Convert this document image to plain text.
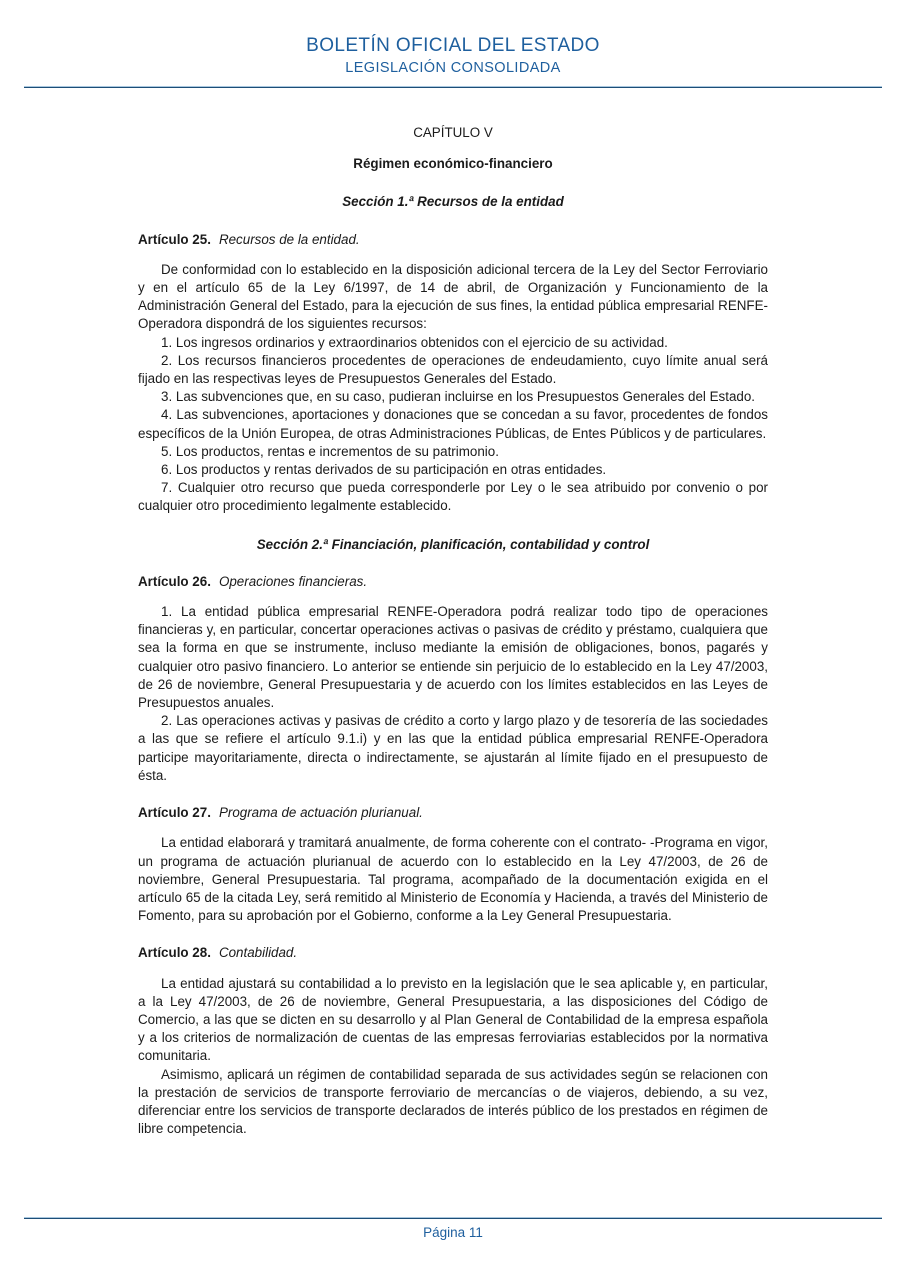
BOLETÍN OFICIAL DEL ESTADO
LEGISLACIÓN CONSOLIDADA

CAPÍTULO V

Régimen económico-financiero

Sección 1.ª Recursos de la entidad

Artículo 25. Recursos de la entidad.

De conformidad con lo establecido en la disposición adicional tercera de la Ley del Sector Ferroviario y en el artículo 65 de la Ley 6/1997, de 14 de abril, de Organización y Funcionamiento de la Administración General del Estado, para la ejecución de sus fines, la entidad pública empresarial RENFE-Operadora dispondrá de los siguientes recursos:

1. Los ingresos ordinarios y extraordinarios obtenidos con el ejercicio de su actividad.

2. Los recursos financieros procedentes de operaciones de endeudamiento, cuyo límite anual será fijado en las respectivas leyes de Presupuestos Generales del Estado.

3. Las subvenciones que, en su caso, pudieran incluirse en los Presupuestos Generales del Estado.

4. Las subvenciones, aportaciones y donaciones que se concedan a su favor, procedentes de fondos específicos de la Unión Europea, de otras Administraciones Públicas, de Entes Públicos y de particulares.

5. Los productos, rentas e incrementos de su patrimonio.

6. Los productos y rentas derivados de su participación en otras entidades.

7. Cualquier otro recurso que pueda corresponderle por Ley o le sea atribuido por convenio o por cualquier otro procedimiento legalmente establecido.

Sección 2.ª Financiación, planificación, contabilidad y control

Artículo 26. Operaciones financieras.

1. La entidad pública empresarial RENFE-Operadora podrá realizar todo tipo de operaciones financieras y, en particular, concertar operaciones activas o pasivas de crédito y préstamo, cualquiera que sea la forma en que se instrumente, incluso mediante la emisión de obligaciones, bonos, pagarés y cualquier otro pasivo financiero. Lo anterior se entiende sin perjuicio de lo establecido en la Ley 47/2003, de 26 de noviembre, General Presupuestaria y de acuerdo con los límites establecidos en las Leyes de Presupuestos anuales.

2. Las operaciones activas y pasivas de crédito a corto y largo plazo y de tesorería de las sociedades a las que se refiere el artículo 9.1.i) y en las que la entidad pública empresarial RENFE-Operadora participe mayoritariamente, directa o indirectamente, se ajustarán al límite fijado en el presupuesto de ésta.

Artículo 27. Programa de actuación plurianual.

La entidad elaborará y tramitará anualmente, de forma coherente con el contrato- -Programa en vigor, un programa de actuación plurianual de acuerdo con lo establecido en la Ley 47/2003, de 26 de noviembre, General Presupuestaria. Tal programa, acompañado de la documentación exigida en el artículo 65 de la citada Ley, será remitido al Ministerio de Economía y Hacienda, a través del Ministerio de Fomento, para su aprobación por el Gobierno, conforme a la Ley General Presupuestaria.

Artículo 28. Contabilidad.

La entidad ajustará su contabilidad a lo previsto en la legislación que le sea aplicable y, en particular, a la Ley 47/2003, de 26 de noviembre, General Presupuestaria, a las disposiciones del Código de Comercio, a las que se dicten en su desarrollo y al Plan General de Contabilidad de la empresa española y a los criterios de normalización de cuentas de las empresas ferroviarias establecidos por la normativa comunitaria.

Asimismo, aplicará un régimen de contabilidad separada de sus actividades según se relacionen con la prestación de servicios de transporte ferroviario de mercancías o de viajeros, debiendo, a su vez, diferenciar entre los servicios de transporte declarados de interés público de los prestados en régimen de libre competencia.

Página 11
